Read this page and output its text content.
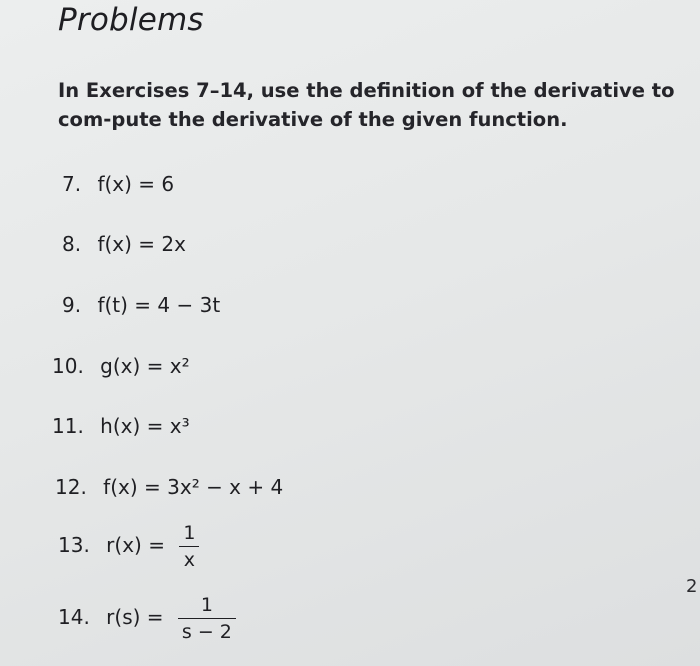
Problems
In Exercises 7–14, use the definition of the derivative to com-pute the derivative of the given function.
7. f(x) = 6
8. f(x) = 2x
9. f(t) = 4 − 3t
10. g(x) = x²
11. h(x) = x³
12. f(x) = 3x² − x + 4
13. $r(x) = \frac{1}{x}$
14. $r(s) = \frac{1}{s - 2}$
2
